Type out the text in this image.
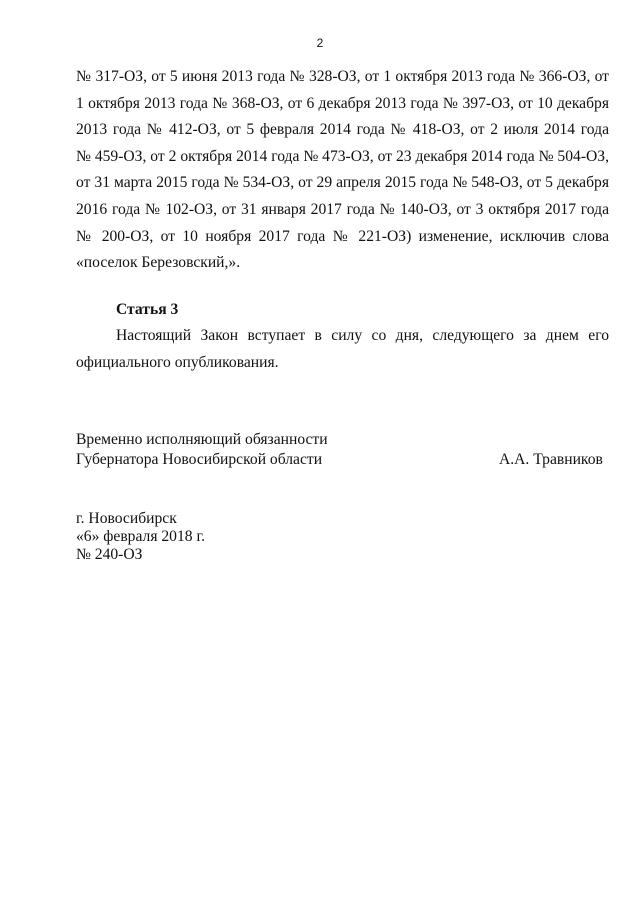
2
№ 317-ОЗ, от 5 июня 2013 года № 328-ОЗ, от 1 октября 2013 года № 366-ОЗ, от
1 октября 2013 года № 368-ОЗ, от 6 декабря 2013 года № 397-ОЗ, от 10 декабря
2013 года № 412-ОЗ, от 5 февраля 2014 года № 418-ОЗ, от 2 июля 2014 года
№ 459-ОЗ, от 2 октября 2014 года № 473-ОЗ, от 23 декабря 2014 года № 504-ОЗ,
от 31 марта 2015 года № 534-ОЗ, от 29 апреля 2015 года № 548-ОЗ, от 5 декабря
2016 года № 102-ОЗ, от 31 января 2017 года № 140-ОЗ, от 3 октября 2017 года
№ 200-ОЗ, от 10 ноября 2017 года № 221-ОЗ) изменение, исключив слова
«поселок Березовский,».
Статья 3
Настоящий Закон вступает в силу со дня, следующего за днем его
официального опубликования.
Временно исполняющий обязанности
Губернатора Новосибирской области	А.А. Травников
г. Новосибирск
«6» февраля 2018 г.
№ 240-ОЗ
